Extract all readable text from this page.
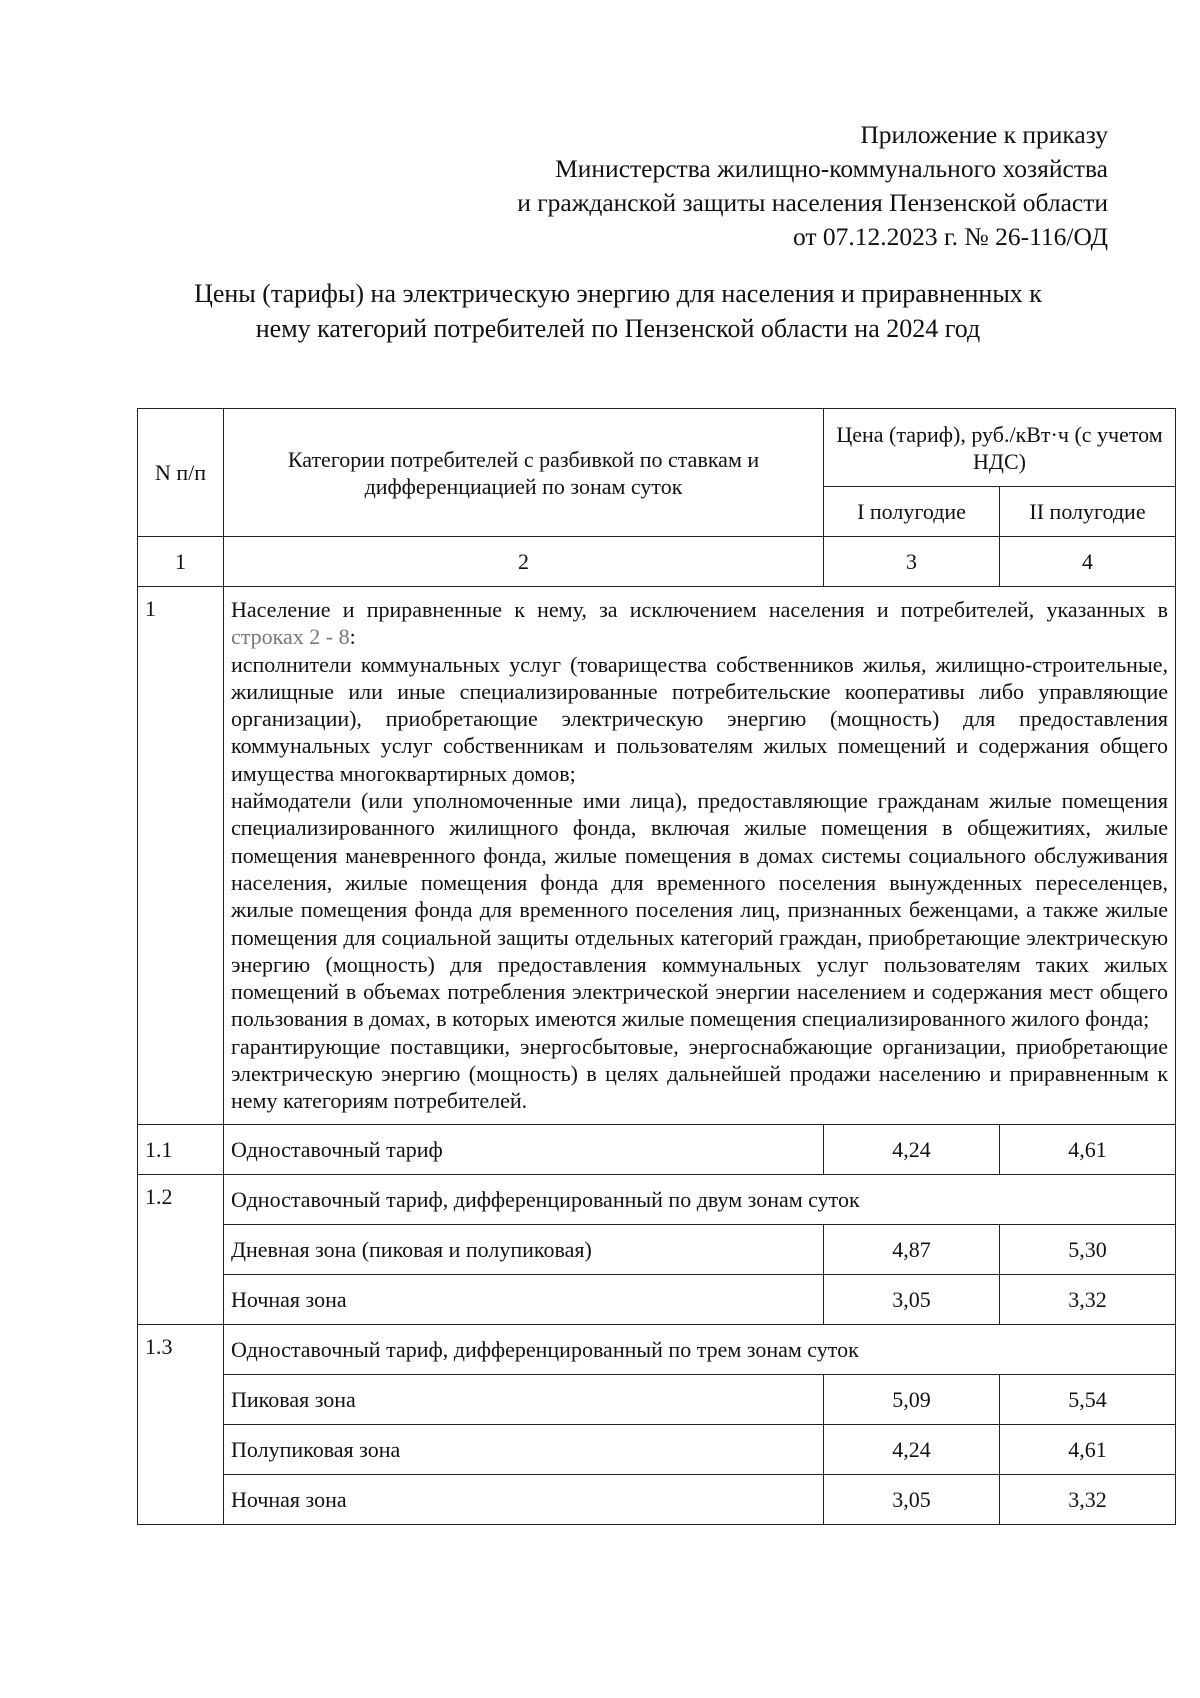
Приложение к приказу
Министерства жилищно-коммунального хозяйства
и гражданской защиты населения Пензенской области
от 07.12.2023 г. № 26-116/ОД
Цены (тарифы) на электрическую энергию для населения и приравненных к
нему категорий потребителей по Пензенской области на 2024 год
N п/п	Категории потребителей с разбивкой по ставкам и дифференциацией по зонам суток	Цена (тариф), руб./кВт·ч (с учетом НДС)	
		I полугодие	II полугодие
1	2	3	4
1	Население и приравненные к нему, за исключением населения и потребителей, указанных в строках 2 - 8:

исполнители коммунальных услуг (товарищества собственников жилья, жилищно-строительные, жилищные или иные специализированные потребительские кооперативы либо управляющие организации), приобретающие электрическую энергию (мощность) для предоставления коммунальных услуг собственникам и пользователям жилых помещений и содержания общего имущества многоквартирных домов;

наймодатели (или уполномоченные ими лица), предоставляющие гражданам жилые помещения специализированного жилищного фонда, включая жилые помещения в общежитиях, жилые помещения маневренного фонда, жилые помещения в домах системы социального обслуживания населения, жилые помещения фонда для временного поселения вынужденных переселенцев, жилые помещения фонда для временного поселения лиц, признанных беженцами, а также жилые помещения для социальной защиты отдельных категорий граждан, приобретающие электрическую энергию (мощность) для предоставления коммунальных услуг пользователям таких жилых помещений в объемах потребления электрической энергии населением и содержания мест общего пользования в домах, в которых имеются жилые помещения специализированного жилого фонда;

гарантирующие поставщики, энергосбытовые, энергоснабжающие организации, приобретающие электрическую энергию (мощность) в целях дальнейшей продажи населению и приравненным к нему категориям потребителей.		

1.1	Одноставочный тариф	4,24	4,61
1.2	Одноставочный тариф, дифференцированный по двум зонам суток		
	Дневная зона (пиковая и полупиковая)	4,87	5,30
	Ночная зона	3,05	3,32
1.3	Одноставочный тариф, дифференцированный по трем зонам суток		
	Пиковая зона	5,09	5,54
	Полупиковая зона	4,24	4,61
	Ночная зона	3,05	3,32
